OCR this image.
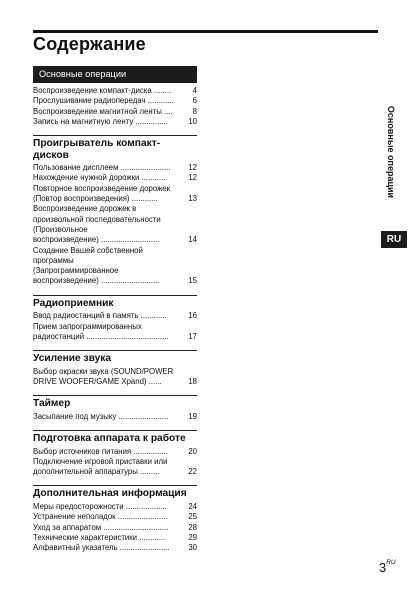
Содержание
Основные операции
Воспроизведение компакт-диска ........	4
Прослушивание радиопередач ............ 6
Воспроизведение магнитной ленты ....	8
Запись на магнитную ленту ...............	10
Проигрыватель компакт-
дисков
Пользование дисплеем ....................... 12
Нахождение нужной дорожки ...........	12
Повторное воспроизведение дорожек
(Повтор воспроизведения) ............	13
Воспроизведение дорожек в
произвольной последовательности
(Произвольное
воспроизведение) ...........................	14
Создание Вашей собственной
программы
(Запрограммированное
воспроизведение) ...........................	15
Радиоприемник
Ввод радиостанций в память ............	16
Прием запрограммированных
радиостанций ......................................	17
Усиление звука
Выбор окраски звука (SOUND/POWER
DRIVE WOOFER/GAME Xpand) ......	18
Таймер
Засыпание под музыку .......................	19
Подготовка аппарата к работе
Выбор источников питания ................	20
Подключение игровой приставки или
дополнительной аппаратуры .........	22
Дополнительная информация
Меры предосторожности ...................	24
Устранение неполадок .......................	25
Уход за аппаратом ..............................	28
Технические характеристики ............	29
Алфавитный указатель ....................... 30
Основные операции
RU
$3^{RU}$
